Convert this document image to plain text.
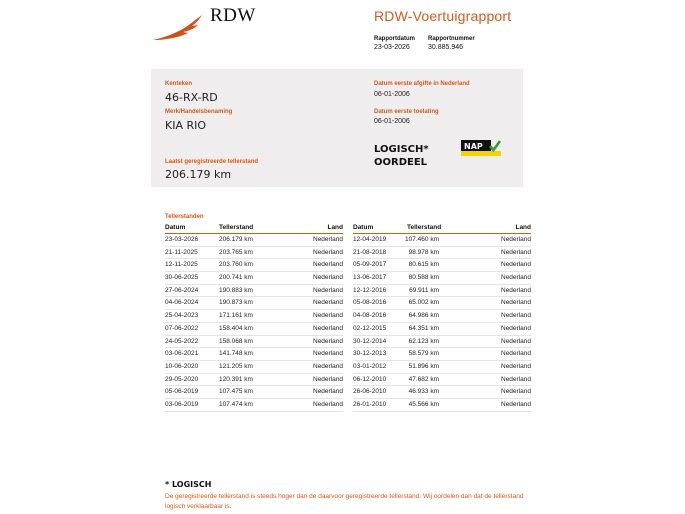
RDW	RDW-Voertuigrapport
Rapportdatum
23-03-2026
Rapportnummer
30.885.946
Kenteken
46-RX-RD
Merk/Handelsbenaming
KIA RIO
Laatst geregistreerde tellerstand
206.179 km
Datum eerste afgifte in Nederland
06-01-2006
Datum eerste toelating
06-01-2006
LOGISCH*
OORDEEL
NAP
Tellerstanden
Datum	Tellerstand	Land
23-03-2026	206.179 km	Nederland
21-11-2025	203.765 km	Nederland
12-11-2025	203.760 km	Nederland
30-06-2025	200.741 km	Nederland
27-06-2024	190.883 km	Nederland
04-06-2024	190.873 km	Nederland
25-04-2023	171.161 km	Nederland
07-06-2022	158.404 km	Nederland
24-05-2022	158.068 km	Nederland
03-06-2021	141.748 km	Nederland
10-06-2020	121.205 km	Nederland
29-05-2020	120.391 km	Nederland
05-06-2019	107.475 km	Nederland
03-06-2019	107.474 km	Nederland
Datum	Tellerstand	Land
12-04-2019	107.460 km	Nederland
21-08-2018	98.978 km	Nederland
05-09-2017	80.615 km	Nederland
13-06-2017	80.588 km	Nederland
12-12-2016	69.911 km	Nederland
05-08-2016	65.002 km	Nederland
04-08-2016	64.986 km	Nederland
02-12-2015	64.351 km	Nederland
30-12-2014	62.123 km	Nederland
30-12-2013	58.579 km	Nederland
03-01-2012	51.896 km	Nederland
06-12-2010	47.682 km	Nederland
26-06-2010	46.933 km	Nederland
26-01-2010	45.566 km	Nederland
* LOGISCH
De geregistreerde tellerstand is steeds hoger dan de daarvoor geregistreerde tellerstand. Wij oordelen dan dat de tellerstand logisch verklaarbaar is.
